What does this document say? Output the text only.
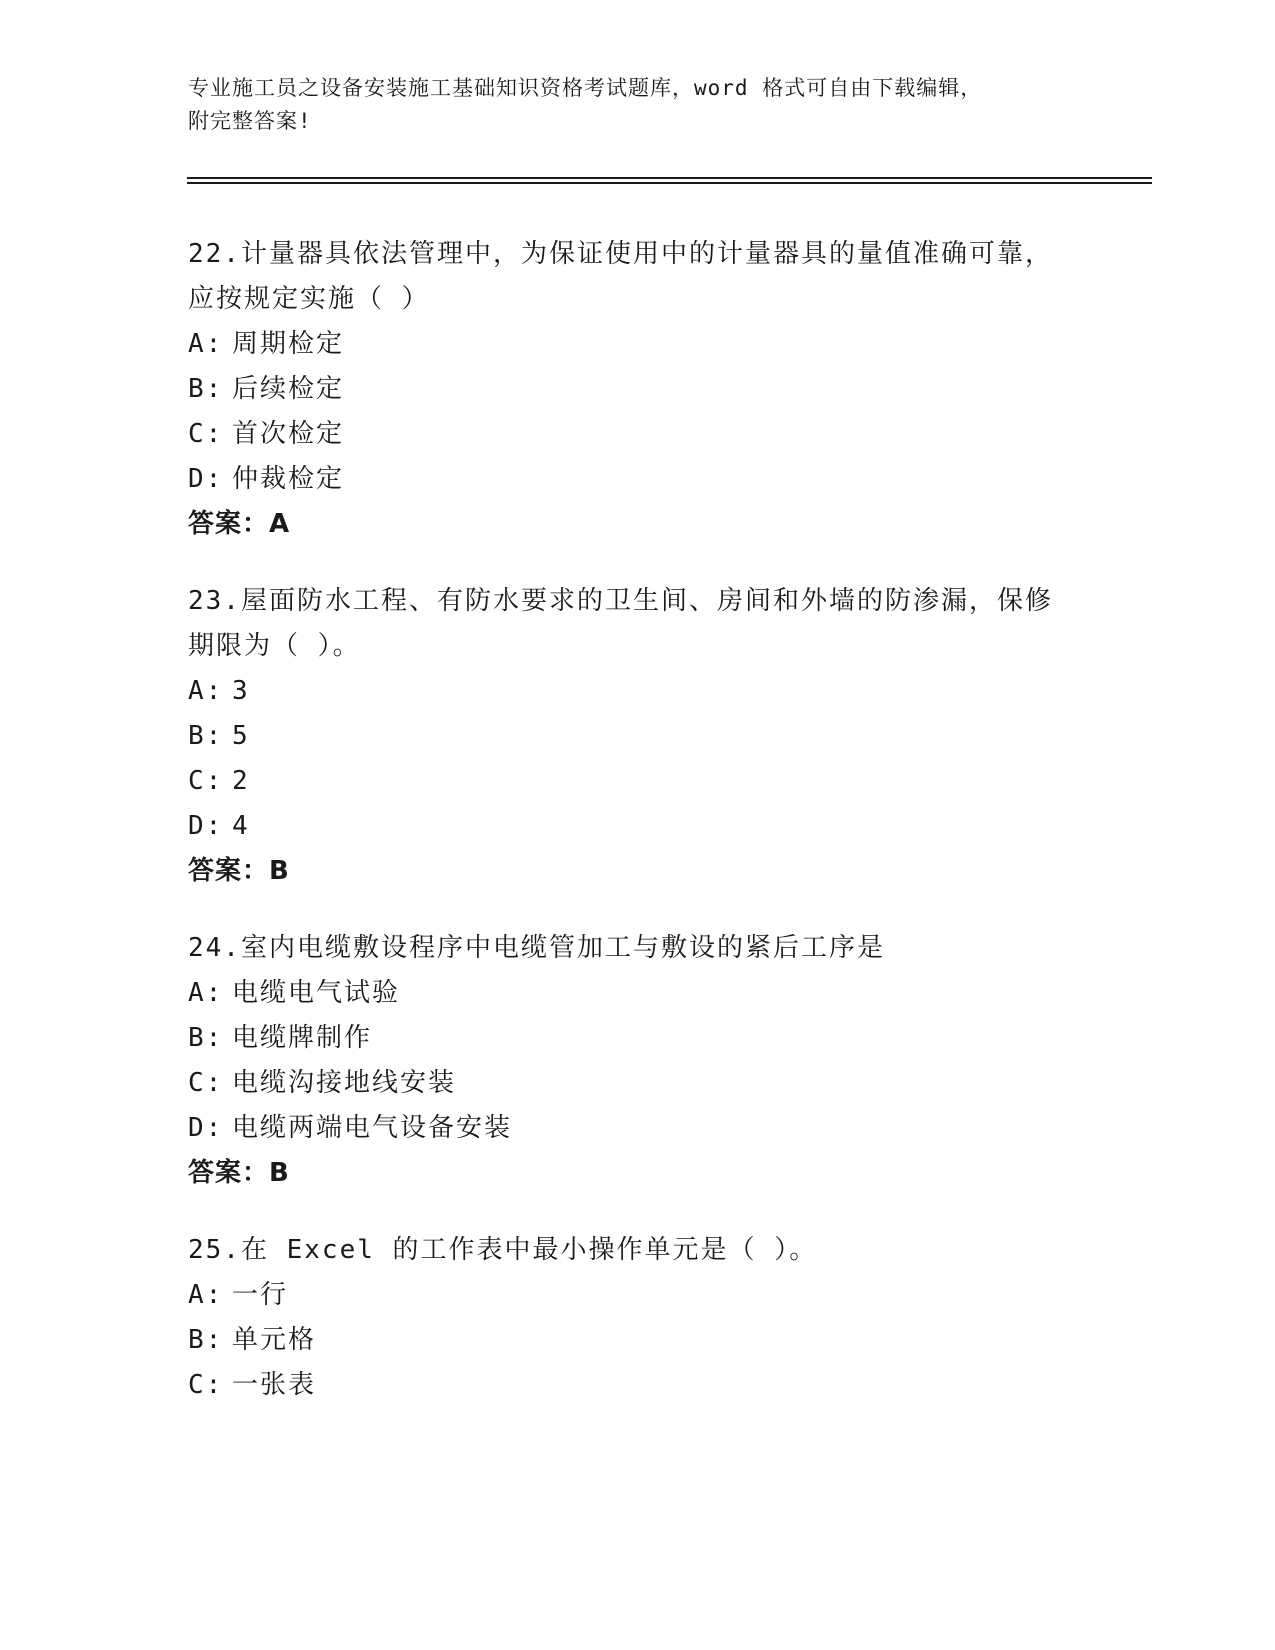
专业施工员之设备安装施工基础知识资格考试题库，word 格式可自由下载编辑，
附完整答案!

22.计量器具依法管理中，为保证使用中的计量器具的量值准确可靠，
应按规定实施（ ）

A: 周期检定
B: 后续检定
C: 首次检定
D: 仲裁检定

答案：A

23.屋面防水工程、有防水要求的卫生间、房间和外墙的防渗漏，保修
期限为（ ）。

A: 3
B: 5
C: 2
D: 4

答案：B

24.室内电缆敷设程序中电缆管加工与敷设的紧后工序是

A: 电缆电气试验
B: 电缆牌制作
C: 电缆沟接地线安装
D: 电缆两端电气设备安装

答案：B

25.在 Excel 的工作表中最小操作单元是（ ）。

A: 一行
B: 单元格
C: 一张表
